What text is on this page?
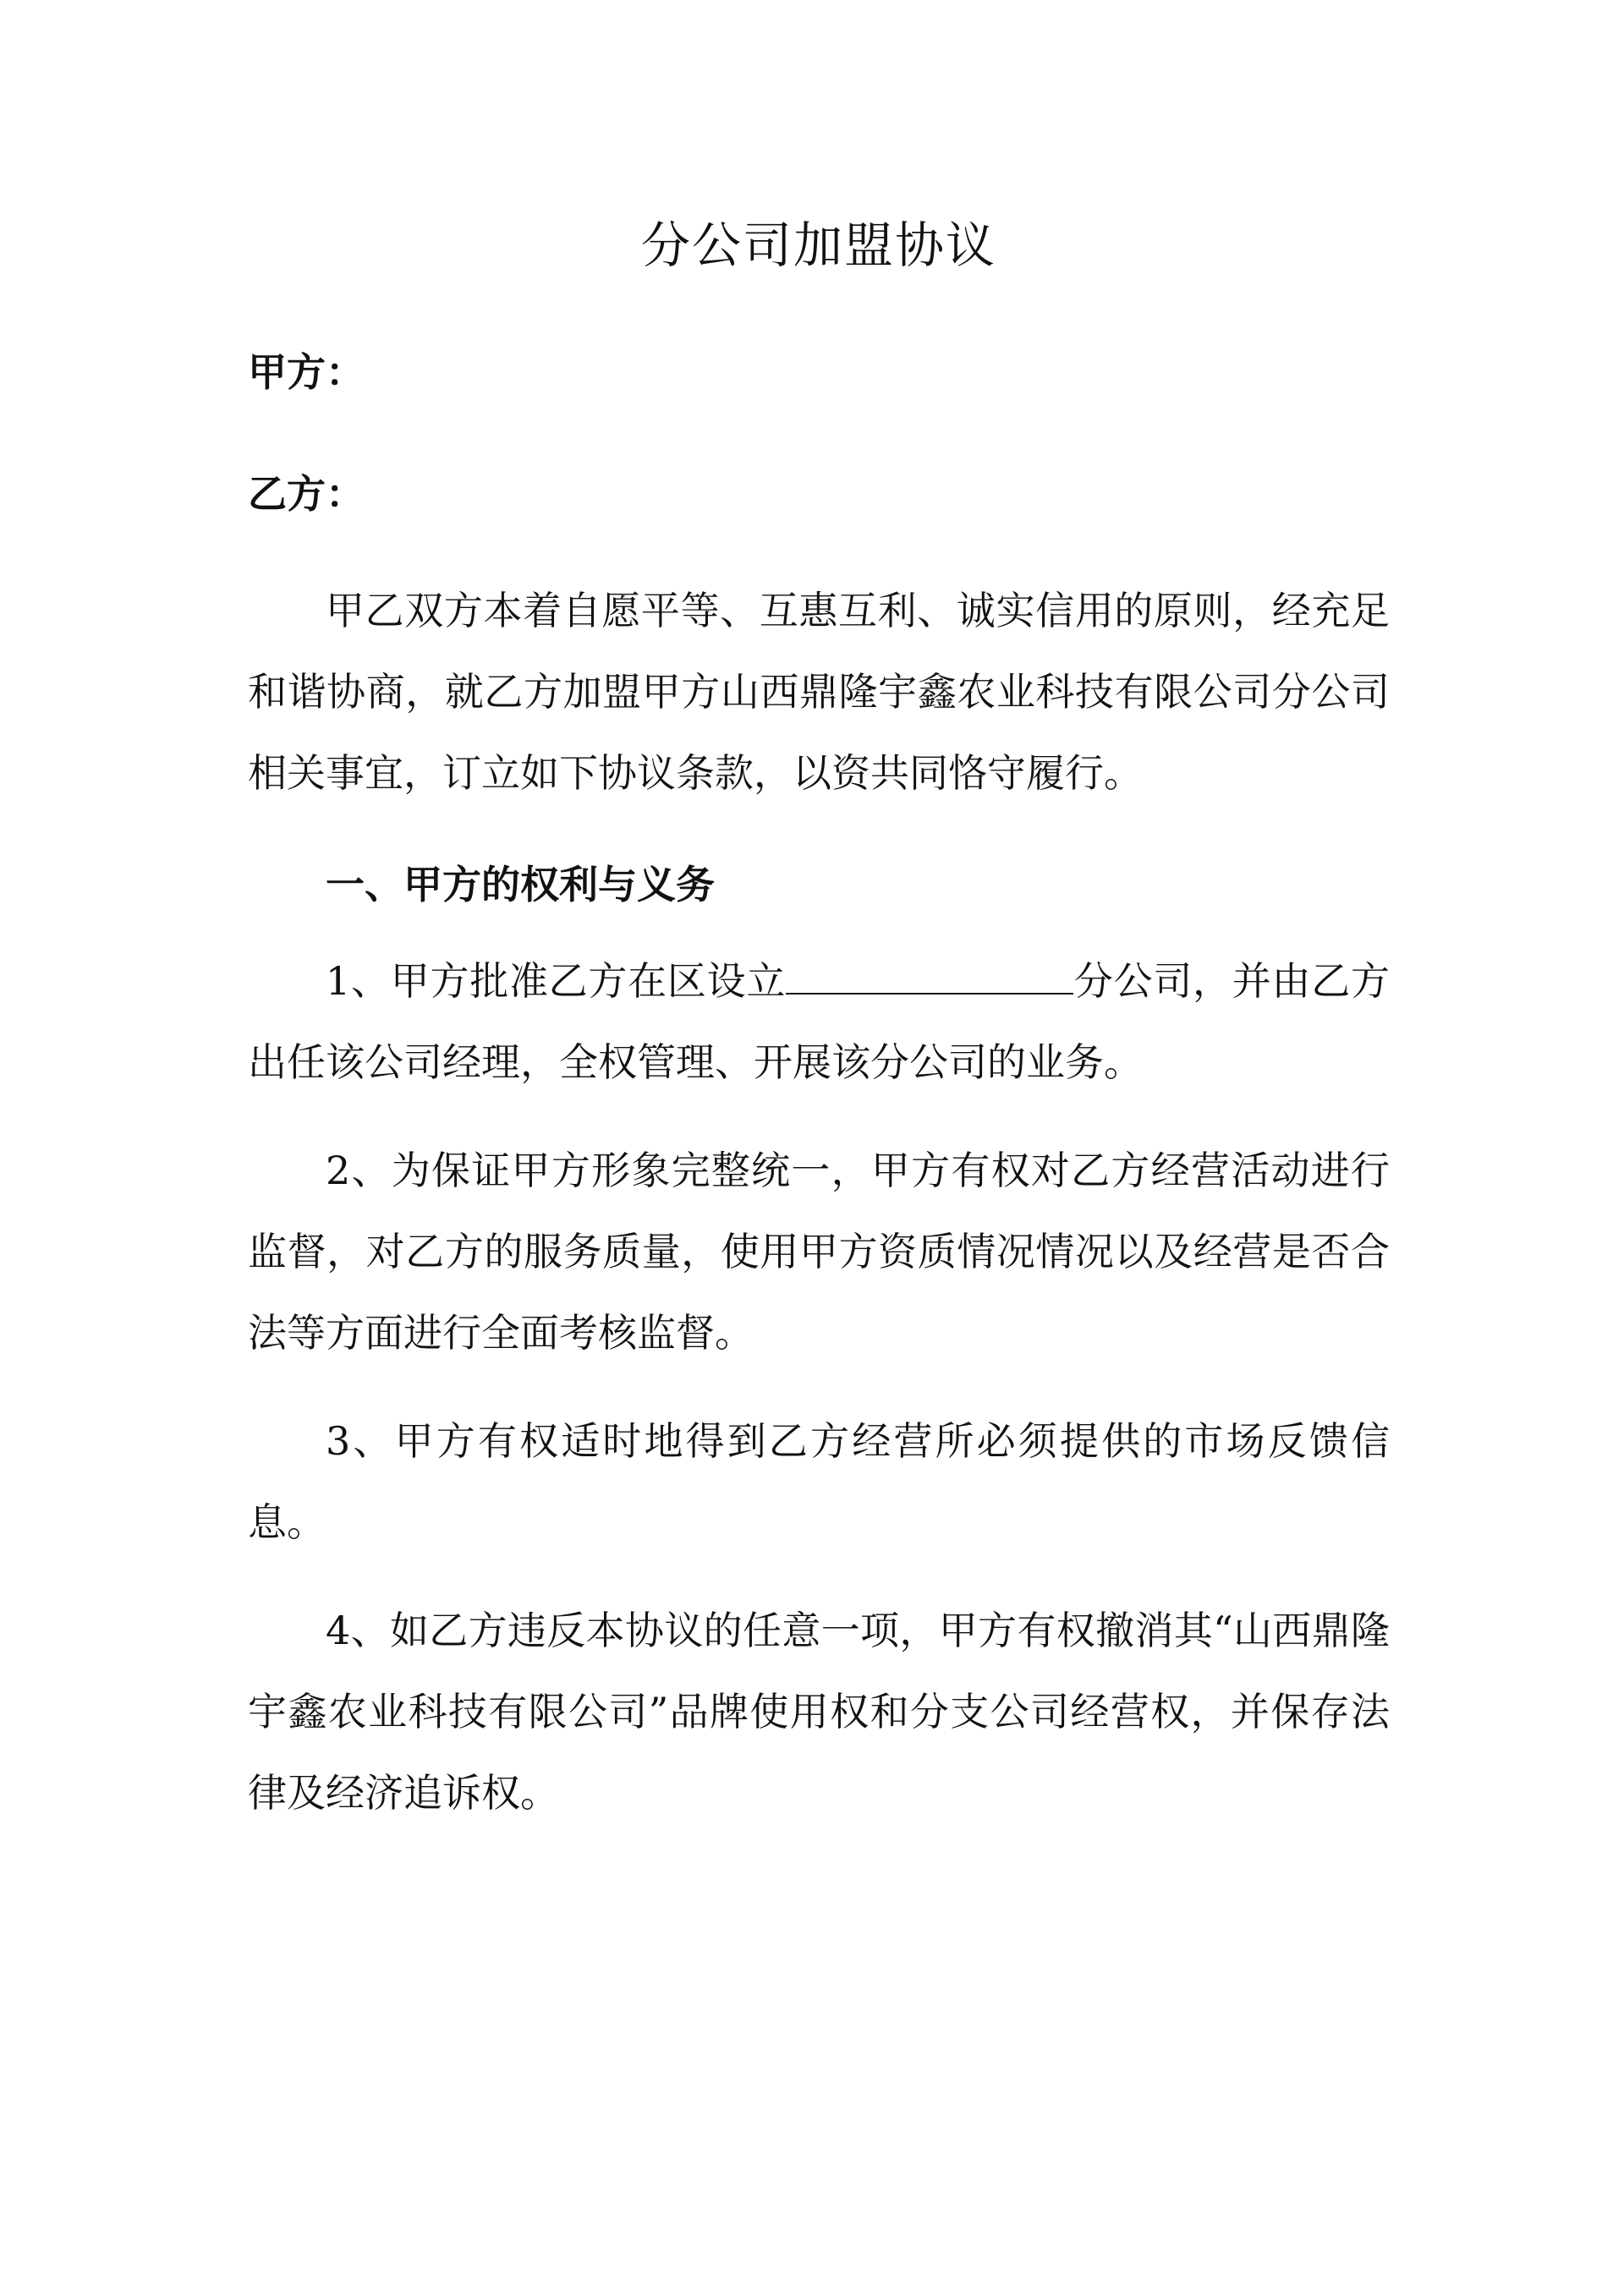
分公司加盟协议

甲方：

乙方：

甲乙双方本着自愿平等、互惠互利、诚实信用的原则，经充足和谐协商，就乙方加盟甲方山西鼎隆宇鑫农业科技有限公司分公司相关事宜，订立如下协议条款，以资共同恪守履行。

一、甲方的权利与义务

1、甲方批准乙方在区设立	分公司，并由乙方出任该公司经理，全权管理、开展该分公司的业务。

2、为保证甲方形象完整统一，甲方有权对乙方经营活动进行监督，对乙方的服务质量，使用甲方资质情况情况以及经营是否合法等方面进行全面考核监督。

3、甲方有权适时地得到乙方经营所必须提供的市场反馈信息。

4、如乙方违反本协议的任意一项，甲方有权撤消其“山西鼎隆宇鑫农业科技有限公司”品牌使用权和分支公司经营权，并保存法律及经济追诉权。
